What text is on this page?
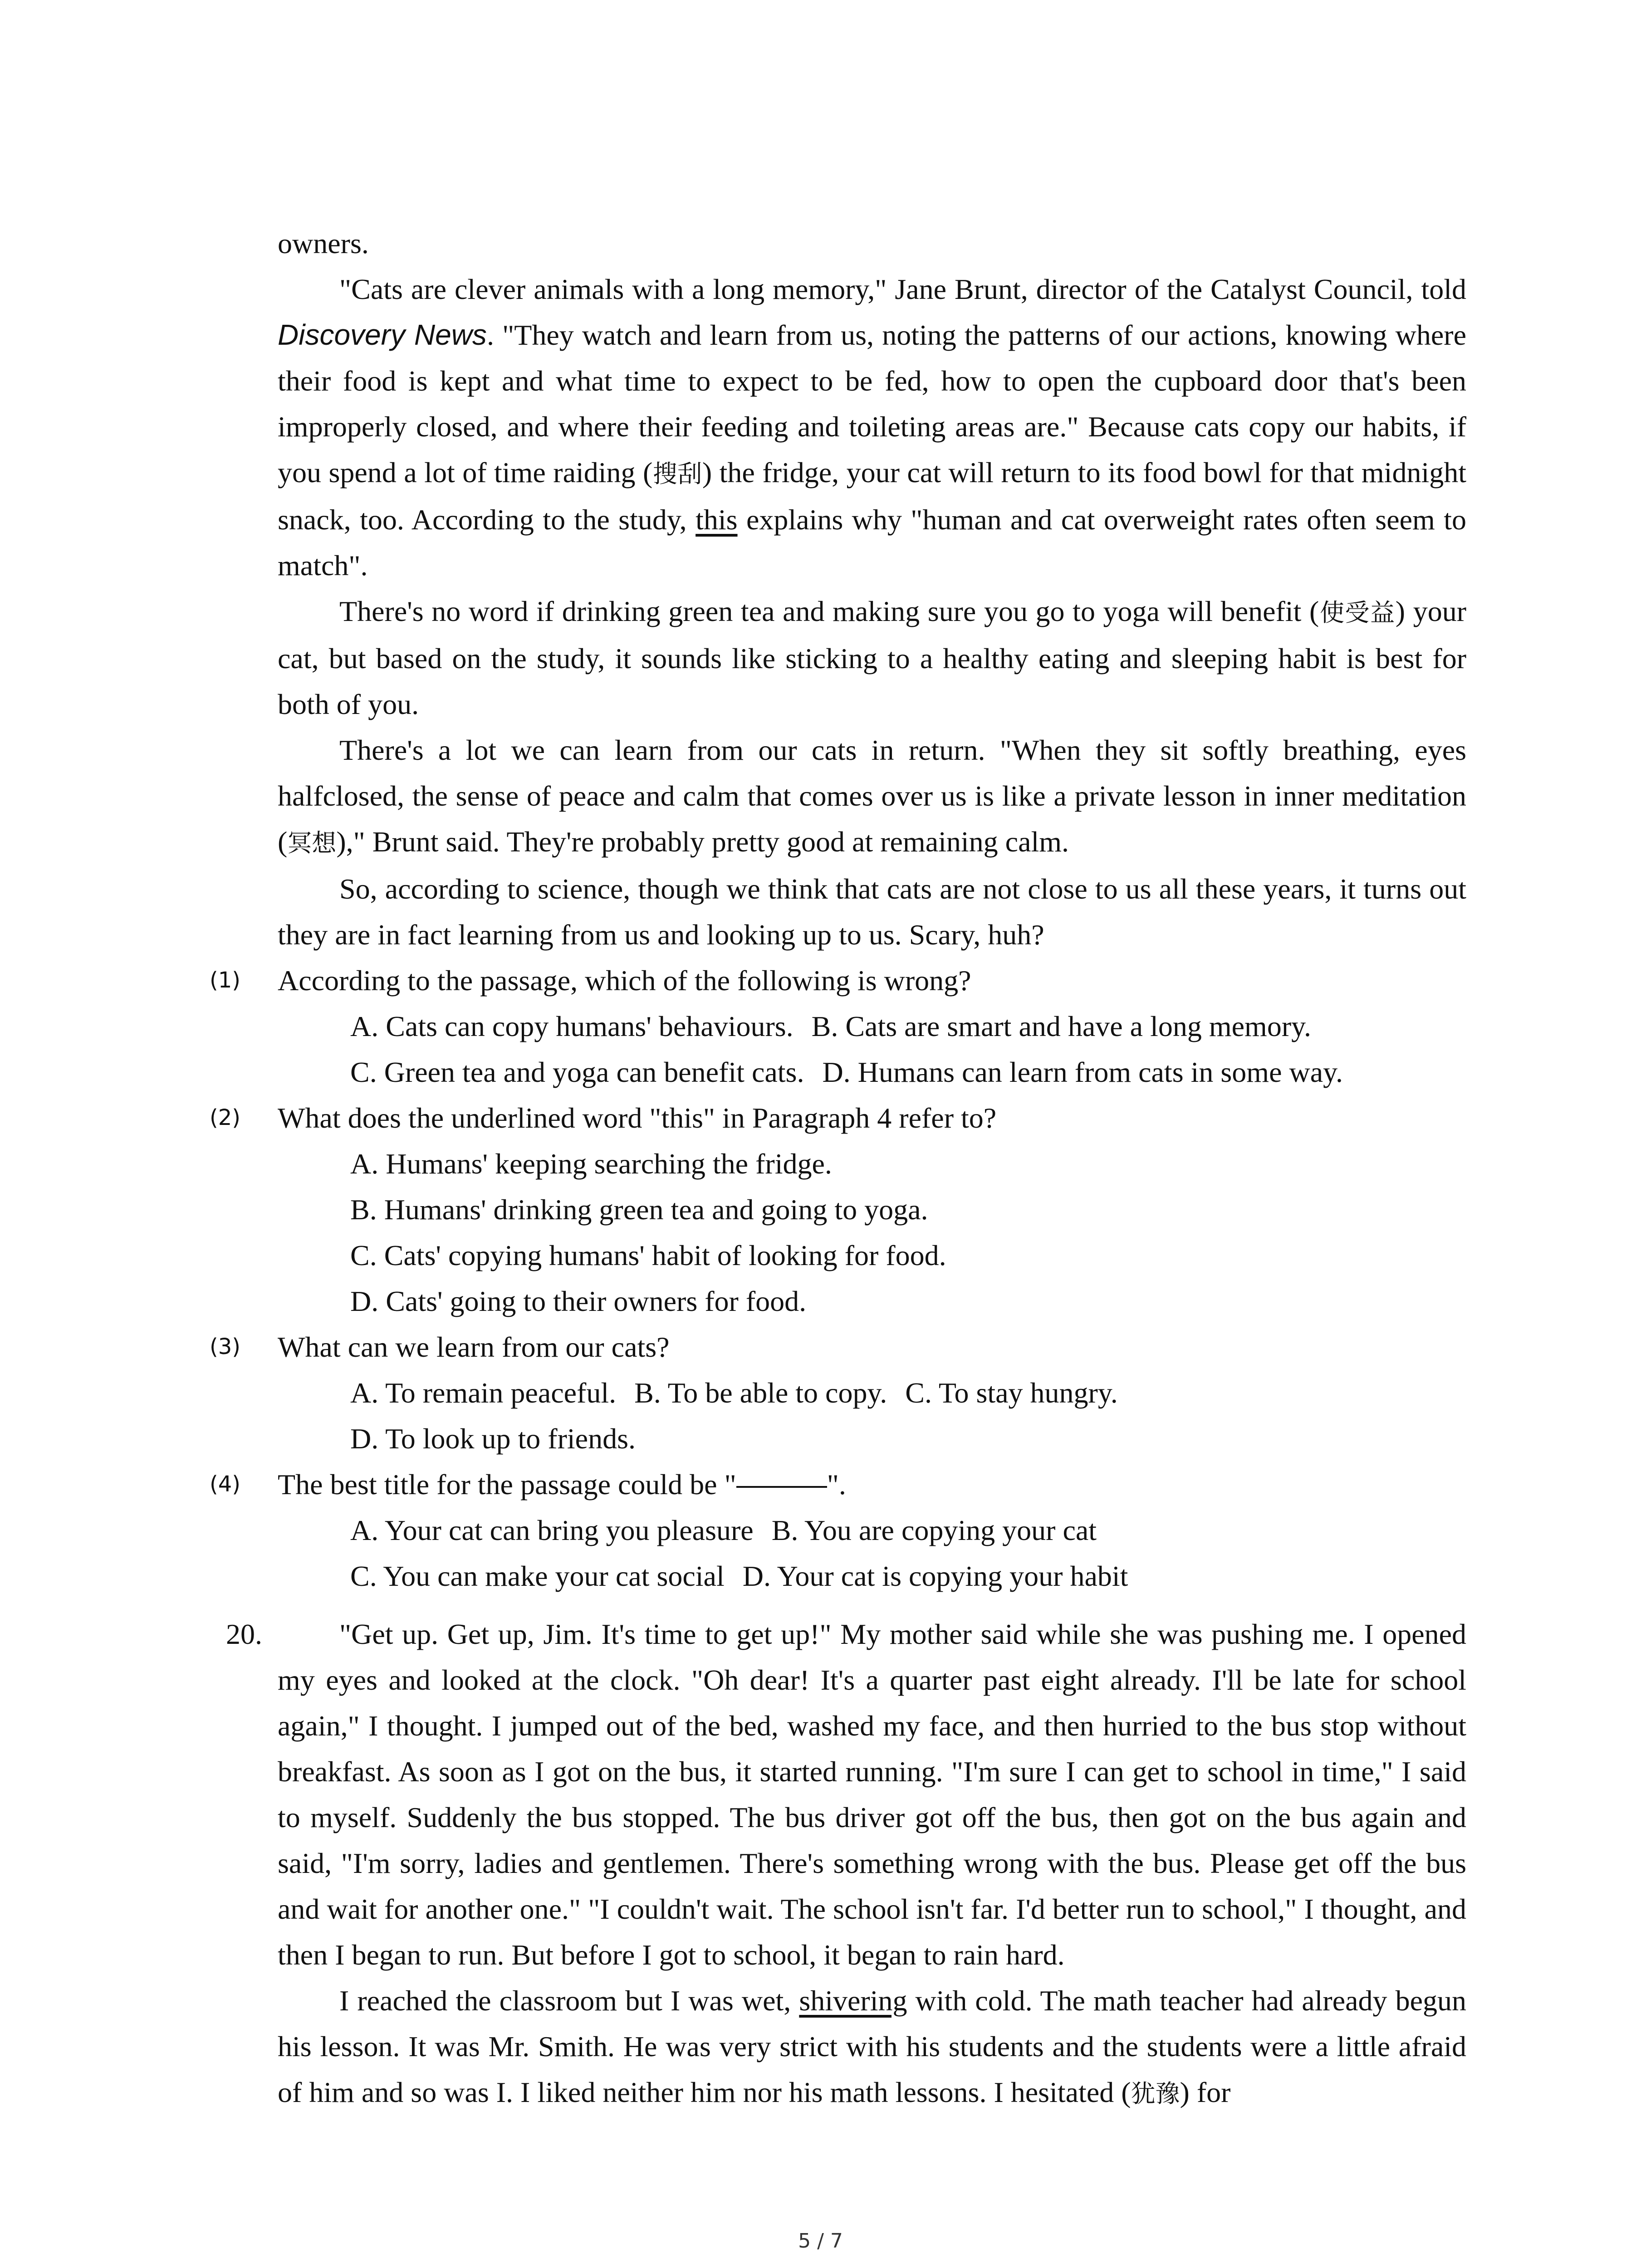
owners.

"Cats are clever animals with a long memory," Jane Brunt, director of the Catalyst Council, told Discovery News. "They watch and learn from us, noting the patterns of our actions, knowing where their food is kept and what time to expect to be fed, how to open the cupboard door that's been improperly closed, and where their feeding and toileting areas are." Because cats copy our habits, if you spend a lot of time raiding (搜刮) the fridge, your cat will return to its food bowl for that midnight snack, too. According to the study, this explains why "human and cat overweight rates often seem to match".

There's no word if drinking green tea and making sure you go to yoga will benefit (使受益) your cat, but based on the study, it sounds like sticking to a healthy eating and sleeping habit is best for both of you.

There's a lot we can learn from our cats in return. "When they sit softly breathing, eyes halfclosed, the sense of peace and calm that comes over us is like a private lesson in inner meditation (冥想)," Brunt said. They're probably pretty good at remaining calm.

So, according to science, though we think that cats are not close to us all these years, it turns out they are in fact learning from us and looking up to us. Scary, huh?

(1) According to the passage, which of the following is wrong?
A. Cats can copy humans' behaviours. B. Cats are smart and have a long memory.
C. Green tea and yoga can benefit cats. D. Humans can learn from cats in some way.
(2) What does the underlined word "this" in Paragraph 4 refer to?
A. Humans' keeping searching the fridge.
B. Humans' drinking green tea and going to yoga.
C. Cats' copying humans' habit of looking for food.
D. Cats' going to their owners for food.
(3) What can we learn from our cats?
A. To remain peaceful. B. To be able to copy. C. To stay hungry.
D. To look up to friends.
(4) The best title for the passage could be "	".
A. Your cat can bring you pleasure B. You are copying your cat
C. You can make your cat social D. Your cat is copying your habit
20.	"Get up. Get up, Jim. It's time to get up!" My mother said while she was pushing me. I opened my eyes and looked at the clock. "Oh dear! It's a quarter past eight already. I'll be late for school again," I thought. I jumped out of the bed, washed my face, and then hurried to the bus stop without breakfast. As soon as I got on the bus, it started running. "I'm sure I can get to school in time," I said to myself. Suddenly the bus stopped. The bus driver got off the bus, then got on the bus again and said, "I'm sorry, ladies and gentlemen. There's something wrong with the bus. Please get off the bus and wait for another one." "I couldn't wait. The school isn't far. I'd better run to school," I thought, and then I began to run. But before I got to school, it began to rain hard.

I reached the classroom but I was wet, shivering with cold. The math teacher had already begun his lesson. It was Mr. Smith. He was very strict with his students and the students were a little afraid of him and so was I. I liked neither him nor his math lessons. I hesitated (犹豫) for

5 / 7
